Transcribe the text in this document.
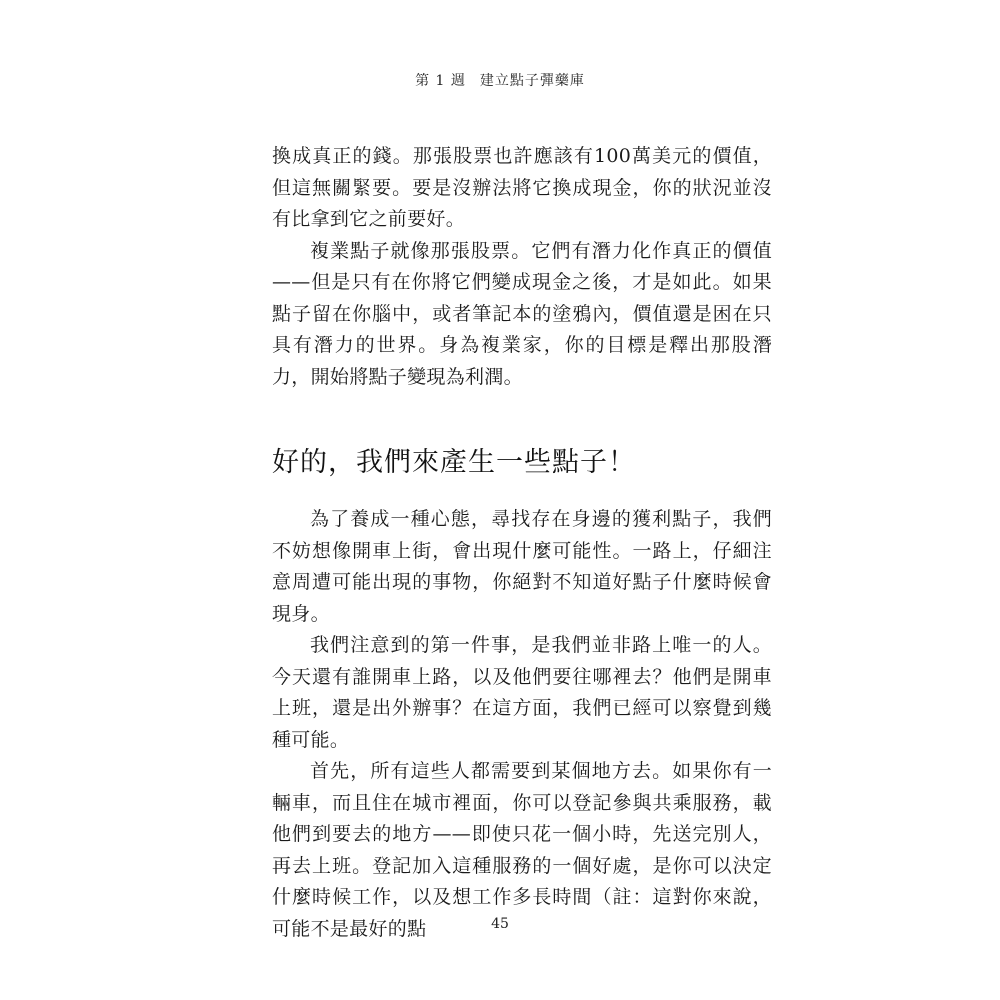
第 1 週 建立點子彈藥庫

換成真正的錢。那張股票也許應該有100萬美元的價值，但這無關緊要。要是沒辦法將它換成現金，你的狀況並沒有比拿到它之前要好。

複業點子就像那張股票。它們有潛力化作真正的價值——但是只有在你將它們變成現金之後，才是如此。如果點子留在你腦中，或者筆記本的塗鴉內，價值還是困在只具有潛力的世界。身為複業家，你的目標是釋出那股潛力，開始將點子變現為利潤。

好的，我們來產生一些點子！

為了養成一種心態，尋找存在身邊的獲利點子，我們不妨想像開車上街，會出現什麼可能性。一路上，仔細注意周遭可能出現的事物，你絕對不知道好點子什麼時候會現身。

我們注意到的第一件事，是我們並非路上唯一的人。今天還有誰開車上路，以及他們要往哪裡去？他們是開車上班，還是出外辦事？在這方面，我們已經可以察覺到幾種可能。

首先，所有這些人都需要到某個地方去。如果你有一輛車，而且住在城市裡面，你可以登記參與共乘服務，載他們到要去的地方——即使只花一個小時，先送完別人，再去上班。登記加入這種服務的一個好處，是你可以決定什麼時候工作，以及想工作多長時間（註：這對你來說，可能不是最好的點	45
